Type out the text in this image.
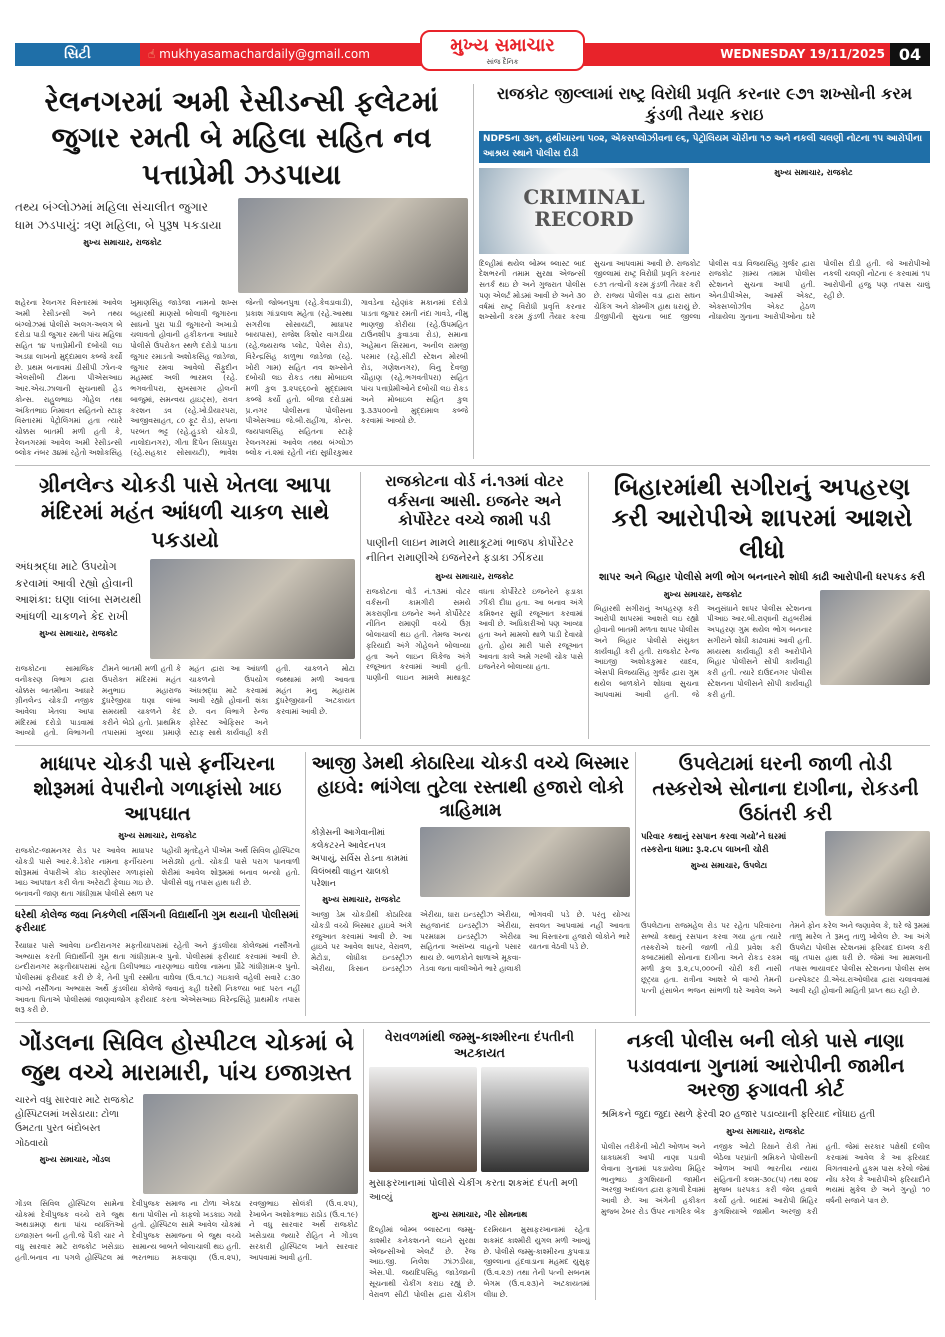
સિટી	☝ mukhyasamachardaily@gmail.com	મુખ્ય સમાચાર
સાંજ દૈનિક
WEDNESDAY 19/11/2025 04
રેલનગરમાં અમી રેસીડન્સી ફલેટમાં જુગાર રમતી બે મહિલા સહિત નવ પત્તાપ્રેમી ઝડપાયા
તથ્ય બંગ્લોઝમાં મહિલા સંચાલીત જુગાર ધામ ઝડપાયું: ત્રણ મહિલા, બે પુરૂષ પકડાયા
મુખ્ય સમાચાર, રાજકોટ
શહેરના રેલનગર વિસ્તારમાં આવેલ અમી રેસીડન્સી અને તથ્ય બંગ્લોઝમાં પોલીસે અલગ-અલગ બે દરોડા પાડી જુગાર રમતી પાંચ મહિલા સહિત ૧૪ પત્તાપ્રેમીની દબોચી લઇ અડધા લાખનો મુદ્દામાલ કબ્જે કર્યો છે. પ્રથમ બનાવમાં ડીસીપી ઝોન-૨ એલસીબી ટીમના પીએસઆઇ આર.એચ.ઝાલાની સુચનાથી હેડ કોન્સ. રાહુલભાઇ ગોહેલ તથા અંકિતભાઇ નિમાવત સહિતનો સ્ટાફ વિસ્તારમાં પેટ્રોલિંગમાં હતા ત્યારે ચોક્કસ બાતમી મળી હતી કે, રેલનગરમાં આવેલ અમી રેસીડન્સી બ્લોક નંબર ૩૪માં રહેતો અશોકસિંહ ખુમાણસિંહ જાડેજા નામનો શખ્સ બહારથી માણસો બોલાવી જુગારના સાધનો પુરા પાડી જુગારનો અખાડો ચલાવતો હોવાની હકીકતના આધારે પોલીસે ઉપરોકત સ્થળે દરોડો પાડતા જુગાર રમાડતો અશોકસિંહ જાડેજા, જુગાર રમવા આવેલો સૈફુદીન મહમ્મદ અલી ભારમલ (રહે. ભગવતીપરા, સુખસાગર હોલની બાજુમાં, સમન્વય હાઇટ્સ), રાવત કરશન ડવ (રહે.ખોડીયારપરા, આજીવસાહત, ૮૦ ફૂટ રોડ), સપના પરબત ભટ્ટ (રહે.હુડકો ચોકડી, નાલોદાનગર), ગીતા દિપેન સિધ્ધપુરા (રહે.સહકાર સોસાયટી), ભાવેશ જેન્તી જોબનપુત્રા (રહે.કેવડાવાડી), પ્રકાશ ગાંડાલાલ મહેતા (રહે.આસ્થા સગરીલા સોસાયટી, માધાપર બાયપાસ), રાજેશ કિશોર વાગડીયા (રહે.જયરાજ પ્લોટ, પેલેસ રોડ), વિરેન્દ્રસિંહ કાળુભા જાડેજા (રહે. ખોરી ગામ) સહિત નવ શખ્સોને દબોચી લઇ રોકડ તથા મોબાઇલ મળી કુલ રૂ.૨૫૬૬૦નો મુદ્દામાલ કબ્જે કર્યો હતો. બીજા દરોડામાં પ્ર.નગર પોલીસના પોલીસના પીએસઆઇ જે.બી.રાહીંગા, કોન્સ. જયપાલસિંહ સહિતના સ્ટાફે રેલનગરમાં આવેલ તથ્ય બંગ્લોઝ બ્લોક નં.૨માં રહેતી નંદા સુધીરકુમાર ગાવડેના રહેણાંક મકાનમાં દરોડો પાડતા જુગાર રમતી નંદા ગાવડે, નીમુ ભાણજી કોરીયા (રહે.ઉપમહિત ટાઉનશીપ કુવાડવા રોડ), સમાના અહેમાન સિરમાન, અનીલ રામજી પરમાર (રહે.સીટી સ્ટેશન મોરબી રોડ, ગણેશનગર), વિનુ દેવજી ચૌહાણ (રહે.ભગવતીપરા) સહિત પાંચ પત્તાપ્રેમીઓને દબોચી લઇ રોકડ અને મોબાઇલ સહિત કુલ રૂ.૩૩૫૦૦નો મુદ્દામાલ કબ્જે કરવામાં આવ્યો છે.
રાજકોટ જીલ્લામાં રાષ્ટ્ર વિરોધી પ્રવૃતિ કરનાર ૯૭૧ શખ્સોની કરમ કુંડળી તૈયાર કરાઇ
NDPSના ૩૪૧, હથીયારના ૫૦૨, એકસપ્લોઝીવના ૯૬, પેટ્રોલિયમ ચોરીના ૧૭ અને નકલી ચલણી નોટના ૧૫ આરોપીના આશ્રય સ્થાને પોલીસ દોડી
CRIMINAL RECORD
મુખ્ય સમાચાર, રાજકોટ
દિલ્હીમાં થયેલ બોમ્બ બ્લાસ્ટ બાદ દેશભરની તમામ સુરક્ષા એજન્સી સતર્ક થઇ છે અને ગુજરાત પોલીસ પણ એલર્ટ મોડમાં આવી છે અને ૩૦ વર્ષમાં રાષ્ટ્ર વિરોધી પ્રવૃત્તિ કરનાર શખ્સોની કરમ કુંડળી તૈયાર કરવા સુચના આપવામાં આવી છે. રાજકોટ જીલ્લામાં રાષ્ટ્ર વિરોધી પ્રવૃતિ કરનાર ૯૭૧ તત્વોની કરમ કુંડળી તૈયાર કરી છે. રાજ્ય પોલીસ વડા દ્વારા સઘન ચેકિંગ અને કોમ્બીંગ હાથ ધરાયું છે. ડીજીપીની સુચના બાદ જીલ્લા પોલીસ વડા વિજયસિંહ ગુર્જર દ્વારા રાજકોટ ગ્રામ્ય તમામ પોલીસ સ્ટેશનને સુચના આપી હતી. એનડીપીએસ, આર્મ્સ એક્ટ, એક્સપ્લોઝીવ એકટ હેઠળ નોંધાયેલા ગુનાના આરોપીઓના ઘરે પોલીસ દોડી હતી. જે આરોપીઓ નકલી ચલણી નોટના ૯ કરવામાં ૧૫ આરોપીની હજુ પણ તપાસ ચાલું રહી છે.
ગ્રીનલેન્ડ ચોકડી પાસે ખેતલા આપા મંદિરમાં મહંત આંધળી ચાકળ સાથે પકડાયો
અંધશ્રદ્ધા માટે ઉપયોગ કરવામાં આવી રહ્યો હોવાની આશંકા: ઘણા લાંબા સમયથી આંધળી ચાકળને કેદ રાખી
મુખ્ય સમાચાર, રાજકોટ
રાજકોટના સામાજિક વનીકરણ વિભાગ દ્વારા ચોક્કસ બાતમીના આધારે ગ્રીનલેન્ડ ચોકડી નજીક આવેલા ખેતલા આપા મંદિરમાં દરોડો પાડવામાં આવ્યો હતો. વિભાગની ટીમને બાતમી મળી હતી કે ઉપરોક્ત મંદિરમાં મહંત મનુભાઇ મહારાજ દુધરેજીયા ઘણા લાંબા સમયથી ચાકળને કેદ કરીને બેઠો હતો. પ્રાથમિક તપાસમાં ખુલ્યા પ્રમાણે મહંત દ્વારા આ આંધળી ચાકળનો ઉપયોગ અંધશ્રદ્ધા માટે કરવામાં આવી રહ્યો હોવાની શંકા છે. વન વિભાગે રેન્જ ફોરેસ્ટ ઓફિસર અને સ્ટાફ સાથે કાર્યવાહી કરી હતી. ચાકળને મોટા જથ્થામાં મળી આવતા મહંત મનુ મહારામ દુધરેજીયાની અટકાયત કરવામાં આવી છે.
રાજકોટના વોર્ડ નં.૧૩માં વોટર વર્કસના આસી. ઇજનેર અને કોર્પોરેટર વચ્ચે જામી પડી
પાણીની લાઇન મામલે માથાકૂટમાં ભાજપ કોર્પોરેટર નીતિન રામાણીએ ઇજનેરને ફડાકા ઝીંકયા
મુખ્ય સમાચાર, રાજકોટ
રાજકોટના વોર્ડ નં.૧૩માં વોટર વર્કસની કામગીરી સમયે મકરાણીના ઇજનેર અને કોર્પોરેટર નીતિન રામાણી વચ્ચે ઉગ્ર બોલાચાલી થઇ હતી. તેમજ અન્ય ફરિયાદો અંગે ગોહેલને બોલાવ્યા હતા અને લાઇન લિકેજ અંગે રજૂઆત કરવામાં આવી હતી. પાણીની લાઇન મામલે માથાકૂટ વધતા કોર્પોરેટરે ઇજનેરને ફડાકા ઝીંકી દીધા હતા. આ બનાવ અંગે કમિશ્નર સુધી રજૂઆત કરવામાં આવી છે. અધિકારીઓ પણ આવ્યા હતા અને મામલો થાળે પાડી દેવાયો હતો. હોય મારી પાસે રજૂઆત આવતા કાલે અમે ગરબી ચોક પાસે ઇજનેરને બોલાવ્યા હતા.
બિહારમાંથી સગીરાનું અપહરણ કરી આરોપીએ શાપરમાં આશરો લીધો
શાપર અને બિહાર પોલીસે મળી ભોગ બનનારને શોધી કાઢી આરોપીની ધરપકડ કરી
મુખ્ય સમાચાર, રાજકોટ
બિહારથી સગીરાનું અપહરણ કરી આરોપી શાપરમાં આશરો લઇ રહ્યો હોવાની બાતમી મળતા શાપર પોલીસ અને બિહાર પોલીસે સંયુક્ત કાર્યવાહી કરી હતી. રાજકોટ રેન્જ આઇજી અશોકકુમાર યાદવ, એસપી વિજયસિંહ ગુર્જર દ્વારા ગુમ થયેલ બાળકોને શોધવા સુચના આપવામાં આવી હતી. જે અનુસંધાને શાપર પોલીસ સ્ટેશનના પીઆઇ આર.બી.રાણાની રાહબરીમાં અપહરણ ગુમ થયેલ ભોગ બનનાર સગીરાને શોધી કાઢવામાં આવી હતી. મધ્યસ્થ કાર્યવાહી કરી આરોપીને બિહાર પોલીસને સોંપી કાર્યવાહી કરી હતી. ત્યારે દાઉદનગર પોલીસ સ્ટેશનના પોલીસને સોંપી કાર્યવાહી કરી હતી.
માધાપર ચોકડી પાસે ફર્નીચરના શોરૂમમાં વેપારીનો ગળાફાંસો ખાઇ આપઘાત
મુખ્ય સમાચાર, રાજકોટ
રાજકોટ-જામનગર રોડ પર આવેલ માધાપર ચોકડી પાસે આર.કે.ડેકોર નામના ફર્નીચરના શોરૂમમાં વેપારીએ કોઇ કારણોસર ગળાફાંસો ખાઇ આપઘાત કરી લેતા અરેરાટી ફેલાઇ ગઇ છે. બનાવની જાણ થતા ગાંધીગ્રામ પોલીસે સ્થળ પર પહોંચી મૃતદેહને પીએમ અર્થે સિવિલ હોસ્પિટલ ખસેડ્યો હતો. ચોકડી પાસે પરાગ પાનવાળી શેરીમાં આવેલ શોરૂમમાં બનાવ બન્યો હતો. પોલીસે વધુ તપાસ હાથ ધરી છે.
ધરેથી કોલેજ જવા નિકળેલી નર્સિંગની વિદ્યાર્થીની ગુમ થયાની પોલીસમાં ફરીયાદ
રૈયાધાર પાસે આવેલા ઇન્દીરાનગર મફતીયાપરામાં રહેતી અને કુંડલીયા કોલેજમાં નર્સીંગનો અભ્યાસ કરતી વિદ્યાર્થીની ગુમ થતા ગાંધીગ્રામ-૨ પુનો. પોલીસમાં ફરીયાદ કરવામાં આવી છે. ઇન્દીરાનગર મફતીયાપરામાં રહેતા ડિલીપભાઇ નારણભાઇ વાઘેલા નામના પ્રૌઢે ગાંધીગ્રામ-૨ પુનો. પોલીસમાં ફરીયાદ કરી છે કે, તેની પુત્રી રસ્મીતા વાઘેલા (ઉ.વ.૧૮) ગઇકાલે વહેલી સવારે ૮:૩૦ વાગ્યે નર્સીંગના અભ્યાસ અર્થે કુંડલીયા કોલેજે જવાનું કહી ઘરેથી નિકળ્યા બાદ પરત નહીં આવતા પિતાએ પોલીસમાં જાણવાજોગ ફરીયાદ કરતા એએસઆઇ વિરેન્દ્રસિંહે પ્રાથમીક તપાસ શરૂ કરી છે.
આજી ડેમથી કોઠારિયા ચોકડી વચ્ચે બિસ્માર હાઇવે: ભાંગેલા તુટેલા રસ્તાથી હજારો લોકો ત્રાહિમામ
કોંગ્રેસની આગેવાનીમાં કલેકટરને આવેદનપત્ર અપાયું, સર્વિસ રોડના કામમાં વિલંબથી વાહન ચાલકો પરેશાન
મુખ્ય સમાચાર, રાજકોટ
આજી ડેમ ચોકડીથી કોઠારિયા ચોકડી વચ્ચે બિસ્માર હાઇવે અંગે રજુઆત કરવામાં આવી છે. આ હાઇવે પર આવેલ શાપર, વેરાવળ, મેટોડા, લોધીકા ઇન્ડસ્ટ્રીઝ એરીયા, કિસાન ઇન્ડસ્ટ્રીઝ એરીયા, ધારા ઇન્ડસ્ટ્રીઝ એરીયા, સહજાનંદ ઇન્ડસ્ટ્રીઝ એરીયા, પરમધામ ઇન્ડસ્ટ્રીઝ એરીયા સહિતના અસંખ્ય વાહનો પસાર થાય છે. બાળકોને શાળાએ મૂકવા-તેડવા જતા વાલીઓને ભારે હાલાકી ભોગવવી પડે છે. પરંતુ યોગ્ય સવલત આપવામાં નહીં આવતા આ વિસ્તારના હજારો લોકોને ભારે યાતના વેઠવી પડે છે.
ઉપલેટામાં ઘરની જાળી તોડી તસ્કરોએ સોનાના દાગીના, રોકડની ઉઠાંતરી કરી
પરિવાર કથાનું રસપાન કરવા ગયો’ને ઘરમાં તસ્કરોના ધામા: રૂ.૨.૮૫ લાખની ચોરી
મુખ્ય સમાચાર, ઉપલેટા
ઉપલેટાના રાજમહેલ રોડ પર રહેતા પરિવારના સભ્યો કથાનું રસપાન કરવા ગયા હતા ત્યારે તસ્કરોએ ઘરની જાળી તોડી પ્રવેશ કરી કબાટમાંથી સોનાના દાગીના અને રોકડ રકમ મળી કુલ રૂ.૨,૮૫,૦૦૦ની ચોરી કરી નાસી છૂટ્યા હતા. રાત્રીના આશરે બે વાગ્યે તેમની પત્ની હંસાબેન ભજન સાંભળી ઘરે આવેલ અને તેમને ફોન કરેલ અને જણાવેલ કે, ઘરે જે રૂમમાં તાળુ મારેલ તે રૂમનુ તાળુ ખોલેલ છે. આ અંગે ઉપલેટા પોલીસ સ્ટેશનમાં ફરિયાદ દાખલ કરી વધુ તપાસ હાથ ધરી છે. જેમાં આ મામલાની તપાસ ભાયાવદર પોલીસ સ્ટેશનના પોલીસ સબ ઇન્સ્પેક્ટર ડી.એચ.રાઓલીયા દ્વારા ચલાવવામાં આવી રહી હોવાની માહિતી પ્રાપ્ત થઇ રહી છે.
ગોંડલના સિવિલ હોસ્પીટલ ચોકમાં બે જુથ વચ્ચે મારામારી, પાંચ ઇજાગ્રસ્ત
ચારને વધુ સારવાર માટે રાજકોટ હોસ્પિટલમાં ખસેડાયા: ટોળા ઉમટતા પુરત બંદોબસ્ત ગોઠવાયો
મુખ્ય સમાચાર, ગોંડલ
ગોંડલ સિવિલ હોસ્પિટલ સામેના ચોકમાં દેવીપુજક વચ્ચે રાત્રે જુથ અથડામણ થતા પાંચ વ્યક્તિઓ ઇજાગ્રસ્ત બની હતી.જે પૈકી ચાર ને વધુ સારવાર માટે રાજકોટ ખસેડાઇ હતી.બનાવ ના પગલે હોસ્પિટલ માં દેવીપુજક સમાજ ના ટોળા એકઠા થતા પોલીસ નો કાફલો ખડકાઇ ગયો હતો. હોસ્પિટલ સામે આવેલ ચોકમાં દેવીપુજક સમાજના બે જુથ વચ્ચે સામાન્ય બાબતે બોલાચાલી થઇ હતી. ભરતભાઇ મકવાણા (ઉ.વ.૨૫), રવજીભાઇ સોલંકી (ઉ.વ.૨૫), રેખાબેન અશોકભાઇ રાઠોડ (ઉ.વ.૧૯) ને વધુ સારવાર અર્થે રાજકોટ ખસેડાયા જ્યારે રોહિત ને ગોંડલ સરકારી હોસ્પિટલ ખાતે સારવાર આપવામાં આવી હતી.
વેરાવળમાંથી જમ્મુ-કાશ્મીરના દંપતીની અટકાયત
મુસાફરખાનામાં પોલીસે ચેકીંગ કરતા શકમંદ દંપતી મળી આવ્યું
મુખ્ય સમાચાર, ગીર સોમનાથ
દિલ્હીમાં બોમ્બ બ્લાસ્ટના જમ્મુ-કાશ્મીર કનેકશનને લઇને સુરક્ષા એજન્સીઓ એલર્ટ છે. રેંજ આઇ.જી. નિલેશ ઝાંઝડીયા, એસ.પી. જયદિપસિંહ જાડેજાની સૂચનાથી ચેકીંગ કરાઇ રહ્યું છે. વેરાવળ સીટી પોલીસ દ્વારા ચેકીંગ દરમિયાન મુસાફરખાનામાં રહેતા શકમંદ કાશ્મીરી યુગલ મળી આવ્યું છે. પોલીસે જમ્મુ-કાશ્મીરના કુપવાડા જીલ્લાના હંદવાડાના મહમદ યુસુફ (ઉ.વ.૨૭) તથા તેની પત્ની સબનમ બેગમ (ઉ.વ.૨૩)ને અટકાયતમાં લીધા છે.
નકલી પોલીસ બની લોકો પાસે નાણા પડાવવાના ગુનામાં આરોપીની જામીન અરજી ફગાવતી કોર્ટ
શ્રમિકને જુદા જુદા સ્થળે ફેરવી ૨૦ હજાર પડાવ્યાની ફરિયાદ નોંધાઇ હતી
મુખ્ય સમાચાર, રાજકોટ
પોલીસ તરીકેની ખોટી ઓળખ અને ધાકધમકી આપી નાણા પડાવી લેવાના ગુનામાં પકડાયેલા મિહિર ભાનુભાઇ કુગશિયાની જામીન અરજી અદાલત દ્વારા ફગાવી દેવામાં આવી છે. આ અંગેની હકીકત મુજબ ઢેબર રોડ ઉપર નાગરિક બેંક નજીક ઓટો રિક્ષાને રોકી તેમાં બેઠેલા પરપ્રાંતી શ્રમિકને પોલીસની ઓળખ આપી ભારતીય ન્યાય સંહિતાની કલમ-૩૦૮(૫) તથા ૨૦૪ મુજબ ધરપકડ કરી જેલ હવાલે કર્યો હતો. બાદમાં આરોપી મિહિર કુગશિયાએ જામીન અરજી કરી હતી. જેમાં સરકાર પક્ષેથી દલીલ કરવામાં આવેલ કે આ ફરિયાદ વિગતવારનો હુકમ પાસ કરેલો જેમાં નોંધ કરેલ કે આરોપીએ ફરિયાદીને ભયમાં મુકેલ છે અને ગુન્હો ૧૦ વર્ષની સજાને પાત્ર છે.
